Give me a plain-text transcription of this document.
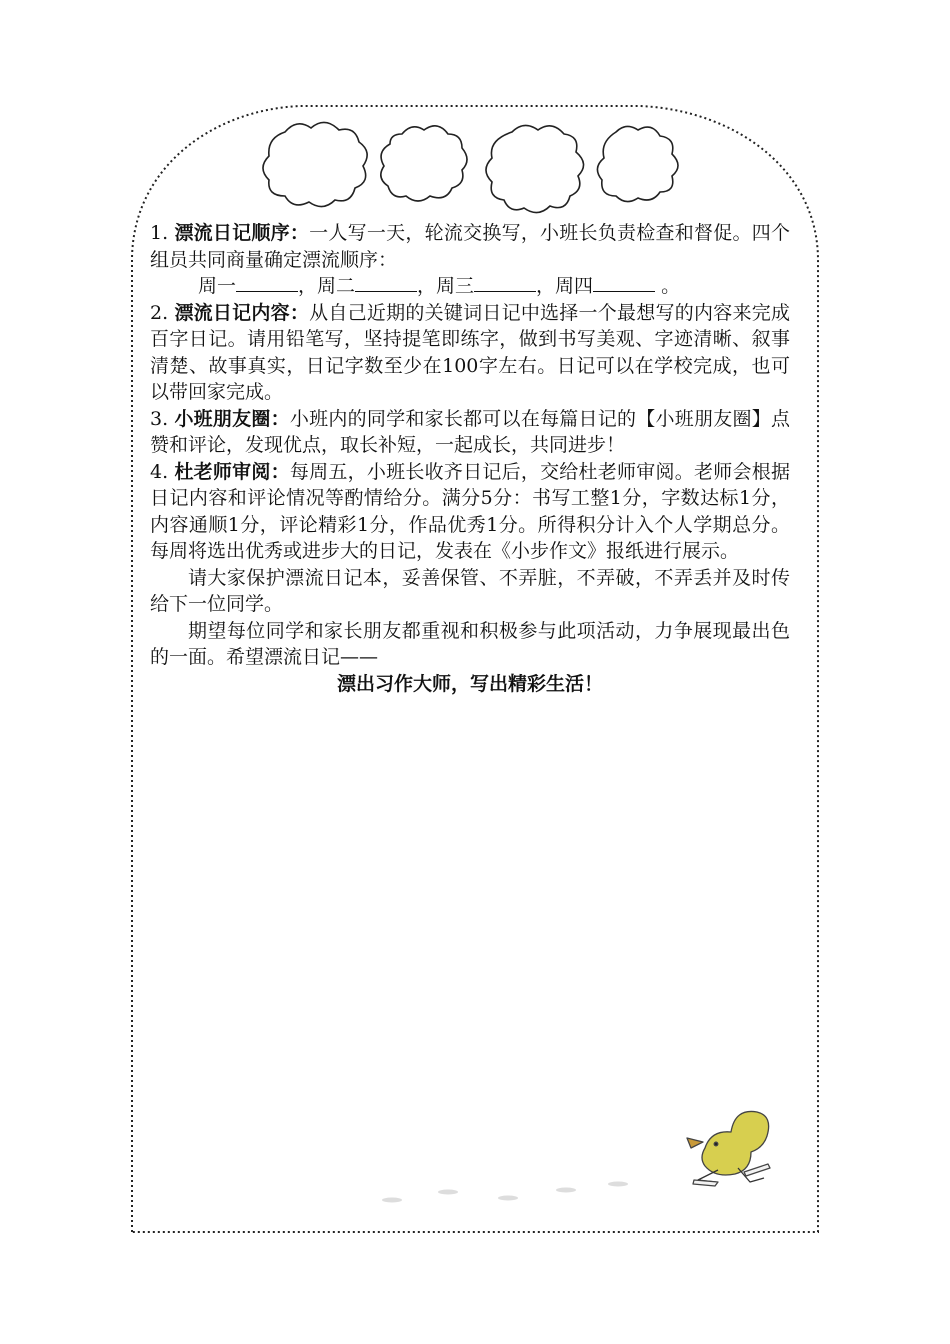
1. 漂流日记顺序：一人写一天，轮流交换写，小班长负责检查和督促。四个组员共同商量确定漂流顺序：

周一	，周二	，周三	，周四	。

2. 漂流日记内容：从自己近期的关键词日记中选择一个最想写的内容来完成百字日记。请用铅笔写，坚持提笔即练字，做到书写美观、字迹清晰、叙事清楚、故事真实，日记字数至少在100字左右。日记可以在学校完成，也可以带回家完成。

3. 小班朋友圈：小班内的同学和家长都可以在每篇日记的【小班朋友圈】点赞和评论，发现优点，取长补短，一起成长，共同进步！

4. 杜老师审阅：每周五，小班长收齐日记后，交给杜老师审阅。老师会根据日记内容和评论情况等酌情给分。满分5分：书写工整1分，字数达标1分，内容通顺1分，评论精彩1分，作品优秀1分。所得积分计入个人学期总分。每周将选出优秀或进步大的日记，发表在《小步作文》报纸进行展示。

请大家保护漂流日记本，妥善保管、不弄脏，不弄破，不弄丢并及时传给下一位同学。

期望每位同学和家长朋友都重视和积极参与此项活动，力争展现最出色的一面。希望漂流日记——

漂出习作大师，写出精彩生活！
